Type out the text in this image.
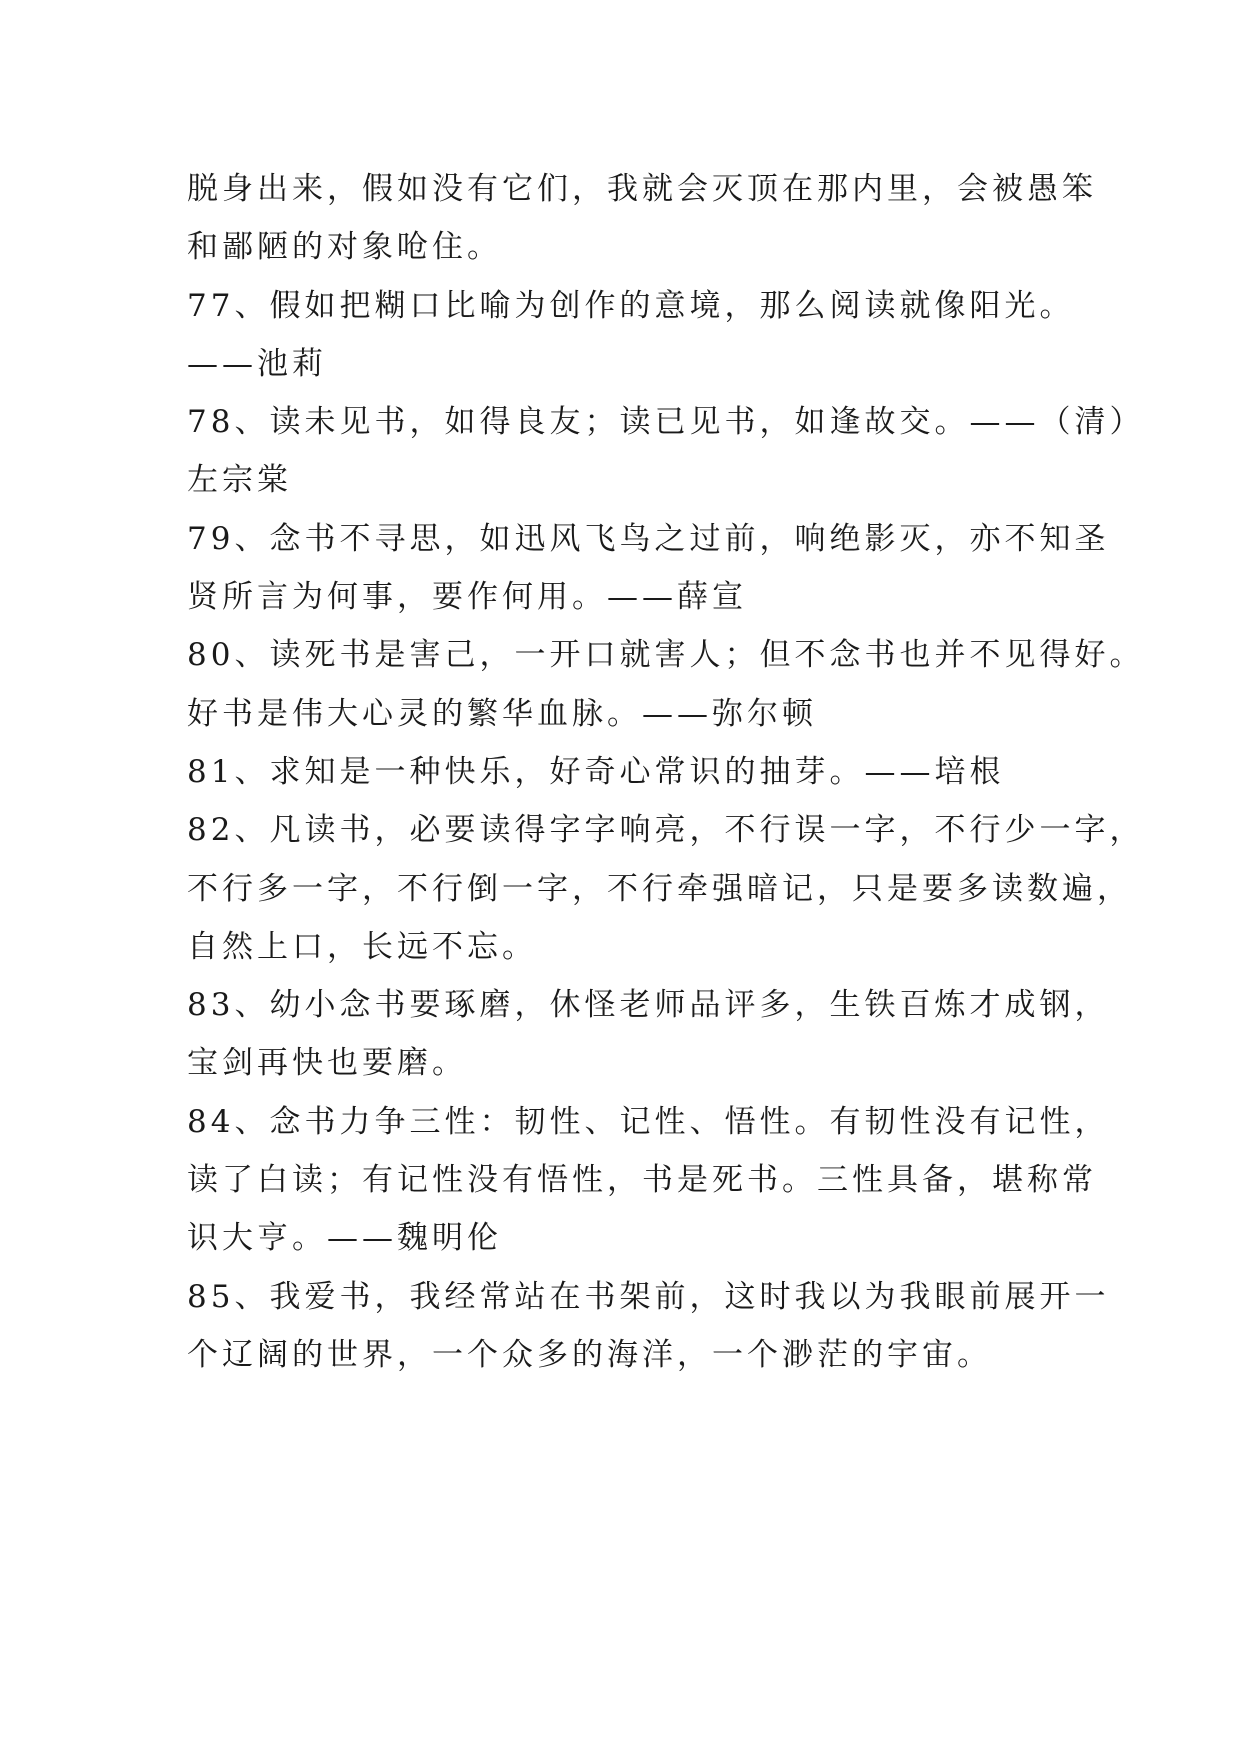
脱身出来，假如没有它们，我就会灭顶在那内里，会被愚笨
和鄙陋的对象呛住。
77、假如把糊口比喻为创作的意境，那么阅读就像阳光。
——池莉
78、读未见书，如得良友；读已见书，如逢故交。——（清）
左宗棠
79、念书不寻思，如迅风飞鸟之过前，响绝影灭，亦不知圣
贤所言为何事，要作何用。——薛宣
80、读死书是害己，一开口就害人；但不念书也并不见得好。
好书是伟大心灵的繁华血脉。——弥尔顿
81、求知是一种快乐，好奇心常识的抽芽。——培根
82、凡读书，必要读得字字响亮，不行误一字，不行少一字，
不行多一字，不行倒一字，不行牵强暗记，只是要多读数遍，
自然上口，长远不忘。
83、幼小念书要琢磨，休怪老师品评多，生铁百炼才成钢，
宝剑再快也要磨。
84、念书力争三性：韧性、记性、悟性。有韧性没有记性，
读了白读；有记性没有悟性，书是死书。三性具备，堪称常
识大亨。——魏明伦
85、我爱书，我经常站在书架前，这时我以为我眼前展开一
个辽阔的世界，一个众多的海洋，一个渺茫的宇宙。
